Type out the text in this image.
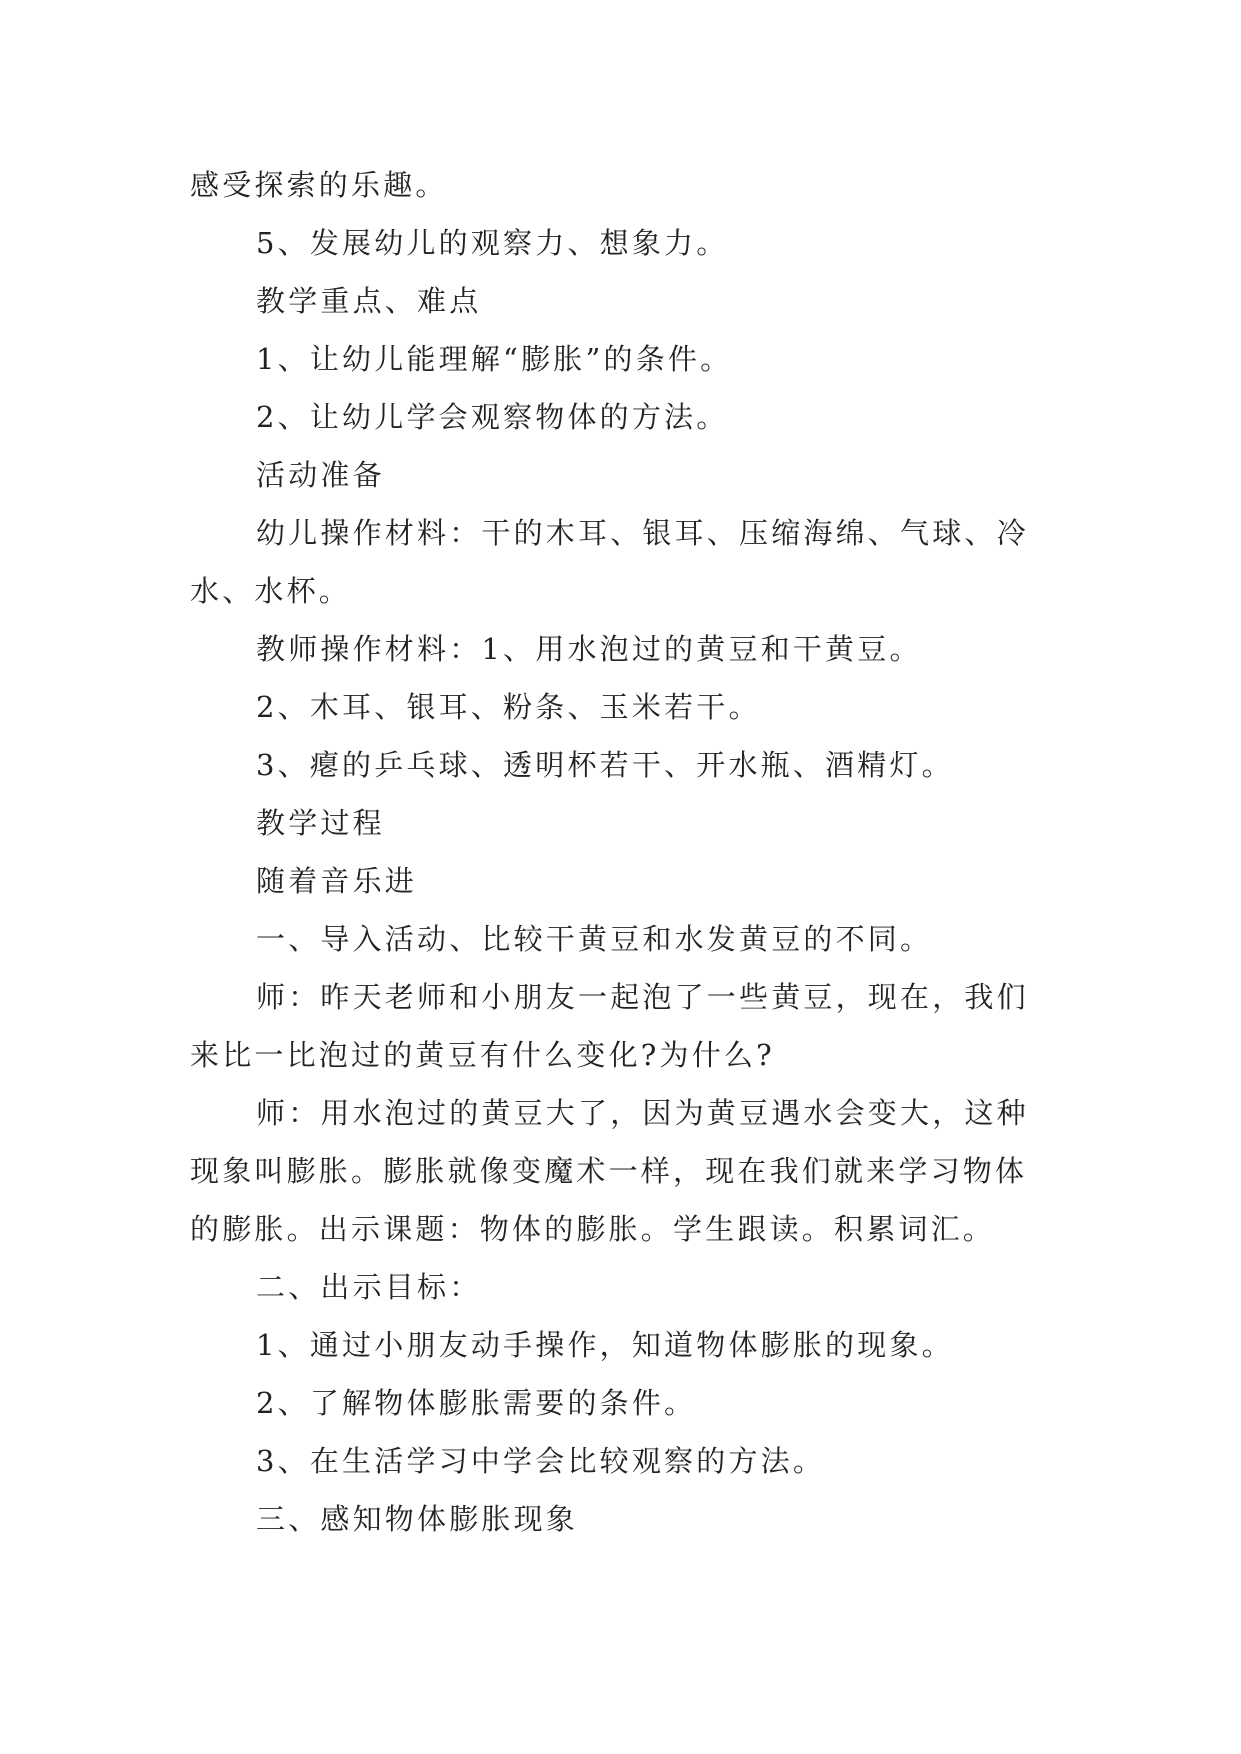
感受探索的乐趣。
5、发展幼儿的观察力、想象力。
教学重点、难点
1、让幼儿能理解“膨胀”的条件。
2、让幼儿学会观察物体的方法。
活动准备
幼儿操作材料：干的木耳、银耳、压缩海绵、气球、冷
水、水杯。
教师操作材料：1、用水泡过的黄豆和干黄豆。
2、木耳、银耳、粉条、玉米若干。
3、瘪的乒乓球、透明杯若干、开水瓶、酒精灯。
教学过程
随着音乐进
一、导入活动、比较干黄豆和水发黄豆的不同。
师：昨天老师和小朋友一起泡了一些黄豆，现在，我们
来比一比泡过的黄豆有什么变化?为什么?
师：用水泡过的黄豆大了，因为黄豆遇水会变大，这种
现象叫膨胀。膨胀就像变魔术一样，现在我们就来学习物体
的膨胀。出示课题：物体的膨胀。学生跟读。积累词汇。
二、出示目标：
1、通过小朋友动手操作，知道物体膨胀的现象。
2、了解物体膨胀需要的条件。
3、在生活学习中学会比较观察的方法。
三、感知物体膨胀现象
